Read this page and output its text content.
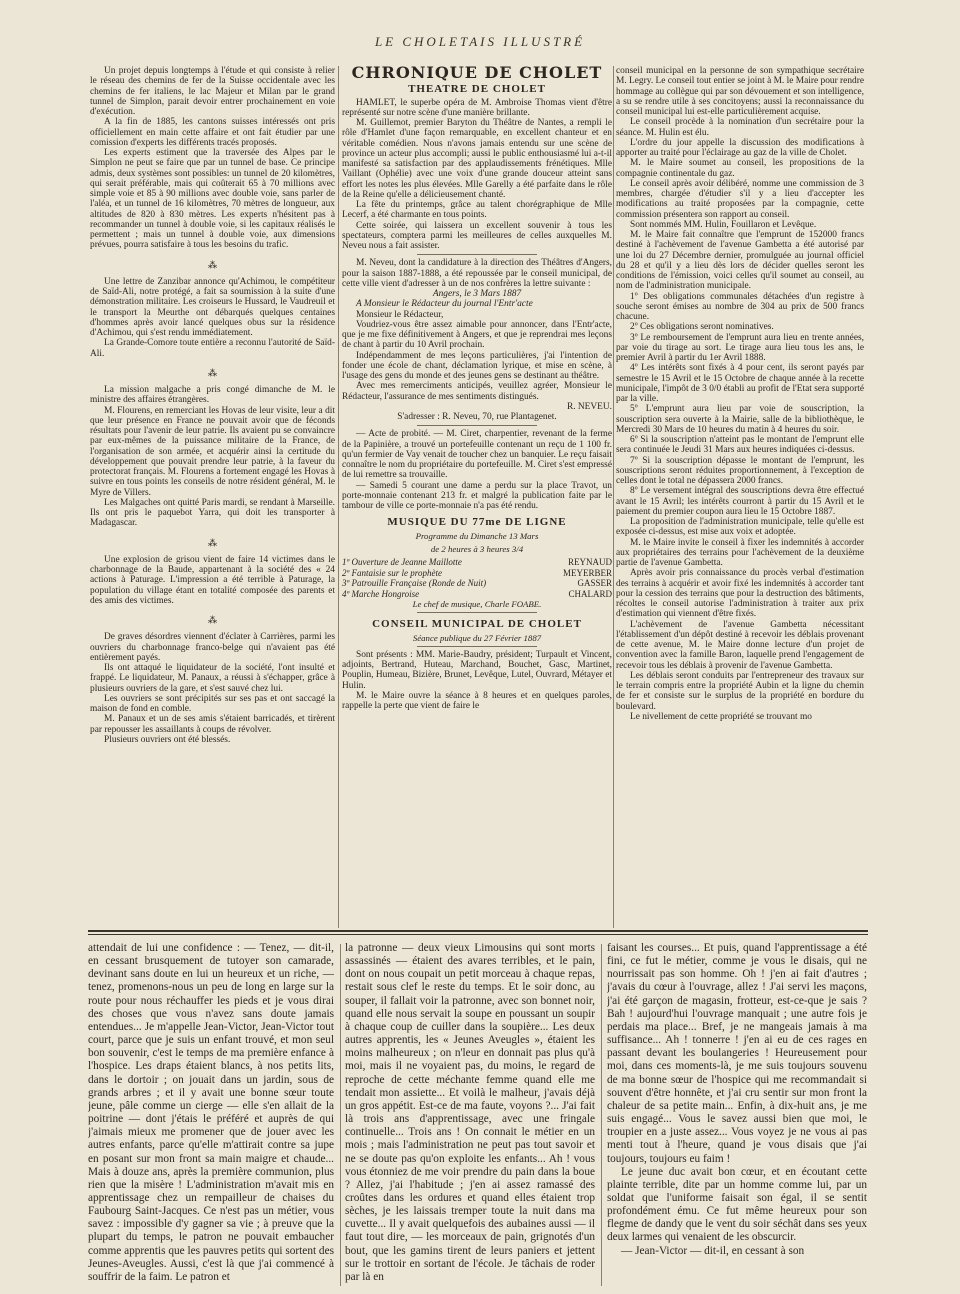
LE CHOLETAIS ILLUSTRÉ

Un projet depuis longtemps à l'étude et qui consiste à relier le réseau des chemins de fer de la Suisse occidentale avec les chemins de fer italiens, le lac Majeur et Milan par le grand tunnel de Simplon, parait devoir entrer prochainement en voie d'exécution.

A la fin de 1885, les cantons suisses intéressés ont pris officiellement en main cette affaire et ont fait étudier par une comission d'experts les différents tracés proposés.

Les experts estiment que la traversée des Alpes par le Simplon ne peut se faire que par un tunnel de base. Ce principe admis, deux systèmes sont possibles: un tunnel de 20 kilomètres, qui serait préférable, mais qui coûterait 65 à 70 millions avec simple voie et 85 à 90 millions avec double voie, sans parler de l'aléa, et un tunnel de 16 kilomètres, 70 mètres de longueur, aux altitudes de 820 à 830 mètres. Les experts n'hésitent pas à recommander un tunnel à double voie, si les capitaux réalisés le permettent ; mais un tunnel à double voie, aux dimensions prévues, pourra satisfaire à tous les besoins du trafic.

⁂

Une lettre de Zanzibar annonce qu'Achimou, le compétiteur de Saïd-Ali, notre protégé, a fait sa soumission à la suite d'une démonstration militaire. Les croiseurs le Hussard, le Vaudreuil et le transport la Meurthe ont débarqués quelques centaines d'hommes après avoir lancé quelques obus sur la résidence d'Achimou, qui s'est rendu immédiatement.

La Grande-Comore toute entière a reconnu l'autorité de Saïd-Ali.

⁂

La mission malgache a pris congé dimanche de M. le ministre des affaires étrangères.

M. Flourens, en remerciant les Hovas de leur visite, leur a dit que leur présence en France ne pouvait avoir que de féconds résultats pour l'avenir de leur patrie. Ils avaient pu se convaincre par eux-mêmes de la puissance militaire de la France, de l'organisation de son armée, et acquérir ainsi la certitude du développement que pouvait prendre leur patrie, à la faveur du protectorat français. M. Flourens a fortement engagé les Hovas à suivre en tous points les conseils de notre résident général, M. le Myre de Villers.

Les Malgaches ont quitté Paris mardi, se rendant à Marseille. Ils ont pris le paquebot Yarra, qui doit les transporter à Madagascar.

⁂

Une explosion de grisou vient de faire 14 victimes dans le charbonnage de la Baude, appartenant à la société des « 24 actions à Paturage. L'impression a été terrible à Paturage, la population du village étant en totalité composée des parents et des amis des victimes.

⁂

De graves désordres viennent d'éclater à Carrières, parmi les ouvriers du charbonnage franco-belge qui n'avaient pas été entièrement payés.

Ils ont attaqué le liquidateur de la société, l'ont insulté et frappé. Le liquidateur, M. Panaux, a réussi à s'échapper, grâce à plusieurs ouvriers de la gare, et s'est sauvé chez lui.

Les ouvriers se sont précipités sur ses pas et ont saccagé la maison de fond en comble.

M. Panaux et un de ses amis s'étaient barricadés, et tirèrent par repousser les assaillants à coups de révolver.

Plusieurs ouvriers ont été blessés.

CHRONIQUE DE CHOLET
THEATRE DE CHOLET

HAMLET, le superbe opéra de M. Ambroise Thomas vient d'être représenté sur notre scène d'une manière brillante.

M. Guillemot, premier Baryton du Théâtre de Nantes, a rempli le rôle d'Hamlet d'une façon remarquable, en excellent chanteur et en véritable comédien. Nous n'avons jamais entendu sur une scène de province un acteur plus accompli; aussi le public enthousiasmé lui a-t-il manifesté sa satisfaction par des applaudissements frénétiques. Mlle Vaillant (Ophélie) avec une voix d'une grande douceur atteint sans effort les notes les plus élevées. Mlle Garelly a été parfaite dans le rôle de la Reine qu'elle a délicieusement chanté.

La fête du printemps, grâce au talent chorégraphique de Mlle Lecerf, a été charmante en tous points.

Cette soirée, qui laissera un excellent souvenir à tous les spectateurs, comptera parmi les meilleures de celles auxquelles M. Neveu nous a fait assister.

M. Neveu, dont la candidature à la direction des Théâtres d'Angers, pour la saison 1887-1888, a été repoussée par le conseil municipal, de cette ville vient d'adresser à un de nos confrères la lettre suivante :

Angers, le 3 Mars 1887

A Monsieur le Rédacteur du journal l'Entr'acte

Monsieur le Rédacteur,

Voudriez-vous être assez aimable pour annoncer, dans l'Entr'acte, que je me fixe définitivement à Angers, et que je reprendrai mes leçons de chant à partir du 10 Avril prochain.

Indépendamment de mes leçons particulières, j'ai l'intention de fonder une école de chant, déclamation lyrique, et mise en scène, à l'usage des gens du monde et des jeunes gens se destinant au théâtre.

Avec mes remerciments anticipés, veuillez agréer, Monsieur le Rédacteur, l'assurance de mes sentiments distingués.

R. NEVEU.

S'adresser : R. Neveu, 70, rue Plantagenet.

— Acte de probité. — M. Ciret, charpentier, revenant de la ferme de la Papinière, a trouvé un portefeuille contenant un reçu de 1 100 fr. qu'un fermier de Vay venait de toucher chez un banquier. Le reçu faisait connaître le nom du propriétaire du portefeuille. M. Ciret s'est empressé de lui remettre sa trouvaille.

— Samedi 5 courant une dame a perdu sur la place Travot, un porte-monnaie contenant 213 fr. et malgré la publication faite par le tambour de ville ce porte-monnaie n'a pas été rendu.

MUSIQUE DU 77me DE LIGNE
Programme du Dimanche 13 Mars
de 2 heures à 3 heures 3/4
1º Ouverture de Jeanne Maillotte	REYNAUD
2º Fantaisie sur le prophète	MEYERBER
3º Patrouille Française (Ronde de Nuit)	GASSER
4º Marche Hongroise	CHALARD
Le chef de musique, Charle FOABE.
CONSEIL MUNICIPAL DE CHOLET
Séance publique du 27 Février 1887

Sont présents : MM. Marie-Baudry, président; Turpault et Vincent, adjoints, Bertrand, Huteau, Marchand, Bouchet, Gasc, Martinet, Pouplin, Humeau, Bizière, Brunet, Levêque, Lutel, Ouvrard, Métayer et Hulin.

M. le Maire ouvre la séance à 8 heures et en quelques paroles, rappelle la perte que vient de faire le

conseil municipal en la personne de son sympathique secrétaire M. Legry. Le conseil tout entier se joint à M. le Maire pour rendre hommage au collègue qui par son dévouement et son intelligence, a su se rendre utile à ses concitoyens; aussi la reconnaissance du conseil municipal lui est-elle particulièrement acquise.

Le conseil procède à la nomination d'un secrétaire pour la séance. M. Hulin est élu.

L'ordre du jour appelle la discussion des modifications à apporter au traité pour l'éclairage au gaz de la ville de Cholet.

M. le Maire soumet au conseil, les propositions de la compagnie continentale du gaz.

Le conseil après avoir délibéré, nomme une commission de 3 membres, chargée d'étudier s'il y a lieu d'accepter les modifications au traité proposées par la compagnie, cette commission présentera son rapport au conseil.

Sont nommés MM. Hulin, Fouillaron et Levêque.

M. le Maire fait connaître que l'emprunt de 152000 francs destiné à l'achèvement de l'avenue Gambetta a été autorisé par une loi du 27 Décembre dernier, promulguée au journal officiel du 28 et qu'il y a lieu dès lors de décider quelles seront les conditions de l'émission, voici celles qu'il soumet au conseil, au nom de l'administration municipale.

1º Des obligations communales détachées d'un registre à souche seront émises au nombre de 304 au prix de 500 francs chacune.

2º Ces obligations seront nominatives.

3º Le remboursement de l'emprunt aura lieu en trente années, par voie du tirage au sort. Le tirage aura lieu tous les ans, le premier Avril à partir du 1er Avril 1888.

4º Les intérêts sont fixés à 4 pour cent, ils seront payés par semestre le 15 Avril et le 15 Octobre de chaque année à la recette municipale, l'impôt de 3 0/0 établi au profit de l'Etat sera supporté par la ville.

5º L'emprunt aura lieu par voie de souscription, la souscription sera ouverte à la Mairie, salle de la bibliothèque, le Mercredi 30 Mars de 10 heures du matin à 4 heures du soir.

6º Si la souscription n'atteint pas le montant de l'emprunt elle sera continuée le Jeudi 31 Mars aux heures indiquées ci-dessus.

7º Si la souscription dépasse le montant de l'emprunt, les souscriptions seront réduites proportionnement, à l'exception de celles dont le total ne dépassera 2000 francs.

8º Le versement intégral des souscriptions devra être effectué avant le 15 Avril; les intérêts courront à partir du 15 Avril et le paiement du premier coupon aura lieu le 15 Octobre 1887.

La proposition de l'administration municipale, telle qu'elle est exposée ci-dessus, est mise aux voix et adoptée.

M. le Maire invite le conseil à fixer les indemnités à accorder aux propriétaires des terrains pour l'achèvement de la deuxième partie de l'avenue Gambetta.

Après avoir pris connaissance du procès verbal d'estimation des terrains à acquérir et avoir fixé les indemnités à accorder tant pour la cession des terrains que pour la destruction des bâtiments, récoltes le conseil autorise l'administration à traiter aux prix d'estimation qui viennent d'être fixés.

L'achèvement de l'avenue Gambetta nécessitant l'établissement d'un dépôt destiné à recevoir les déblais provenant de cette avenue, M. le Maire donne lecture d'un projet de convention avec la famille Baron, laquelle prend l'engagement de recevoir tous les déblais à provenir de l'avenue Gambetta.

Les déblais seront conduits par l'entrepreneur des travaux sur le terrain compris entre la propriété Aubin et la ligne du chemin de fer et consiste sur le surplus de la propriété en bordure du boulevard.

Le nivellement de cette propriété se trouvant mo

attendait de lui une confidence : — Tenez, — dit-il, en cessant brusquement de tutoyer son camarade, devinant sans doute en lui un heureux et un riche, — tenez, promenons-nous un peu de long en large sur la route pour nous réchauffer les pieds et je vous dirai des choses que vous n'avez sans doute jamais entendues... Je m'appelle Jean-Victor, Jean-Victor tout court, parce que je suis un enfant trouvé, et mon seul bon souvenir, c'est le temps de ma première enfance à l'hospice. Les draps étaient blancs, à nos petits lits, dans le dortoir ; on jouait dans un jardin, sous de grands arbres ; et il y avait une bonne sœur toute jeune, pâle comme un cierge — elle s'en allait de la poitrine — dont j'étais le préféré et auprès de qui j'aimais mieux me promener que de jouer avec les autres enfants, parce qu'elle m'attirait contre sa jupe en posant sur mon front sa main maigre et chaude... Mais à douze ans, après la première communion, plus rien que la misère ! L'administration m'avait mis en apprentissage chez un rempailleur de chaises du Faubourg Saint-Jacques. Ce n'est pas un métier, vous savez : impossible d'y gagner sa vie ; à preuve que la plupart du temps, le patron ne pouvait embaucher comme apprentis que les pauvres petits qui sortent des Jeunes-Aveugles. Aussi, c'est là que j'ai commencé à souffrir de la faim. Le patron et

la patronne — deux vieux Limousins qui sont morts assassinés — étaient des avares terribles, et le pain, dont on nous coupait un petit morceau à chaque repas, restait sous clef le reste du temps. Et le soir donc, au souper, il fallait voir la patronne, avec son bonnet noir, quand elle nous servait la soupe en poussant un soupir à chaque coup de cuiller dans la soupière... Les deux autres apprentis, les « Jeunes Aveugles », étaient les moins malheureux ; on n'leur en donnait pas plus qu'à moi, mais il ne voyaient pas, du moins, le regard de reproche de cette méchante femme quand elle me tendait mon assiette... Et voilà le malheur, j'avais déjà un gros appétit. Est-ce de ma faute, voyons ?... J'ai fait là trois ans d'apprentissage, avec une fringale continuelle... Trois ans ! On connait le métier en un mois ; mais l'administration ne peut pas tout savoir et ne se doute pas qu'on exploite les enfants... Ah ! vous vous étonniez de me voir prendre du pain dans la boue ? Allez, j'ai l'habitude ; j'en ai assez ramassé des croûtes dans les ordures et quand elles étaient trop sèches, je les laissais tremper toute la nuit dans ma cuvette... Il y avait quelquefois des aubaines aussi — il faut tout dire, — les morceaux de pain, grignotés d'un bout, que les gamins tirent de leurs paniers et jettent sur le trottoir en sortant de l'école. Je tâchais de roder par là en

faisant les courses... Et puis, quand l'apprentissage a été fini, ce fut le métier, comme je vous le disais, qui ne nourrissait pas son homme. Oh ! j'en ai fait d'autres ; j'avais du cœur à l'ouvrage, allez ! J'ai servi les maçons, j'ai été garçon de magasin, frotteur, est-ce-que je sais ? Bah ! aujourd'hui l'ouvrage manquait ; une autre fois je perdais ma place... Bref, je ne mangeais jamais à ma suffisance... Ah ! tonnerre ! j'en ai eu de ces rages en passant devant les boulangeries ! Heureusement pour moi, dans ces moments-là, je me suis toujours souvenu de ma bonne sœur de l'hospice qui me recommandait si souvent d'être honnête, et j'ai cru sentir sur mon front la chaleur de sa petite main... Enfin, à dix-huit ans, je me suis engagé... Vous le savez aussi bien que moi, le troupier en a juste assez... Vous voyez je ne vous ai pas menti tout à l'heure, quand je vous disais que j'ai toujours, toujours eu faim !

Le jeune duc avait bon cœur, et en écoutant cette plainte terrible, dite par un homme comme lui, par un soldat que l'uniforme faisait son égal, il se sentit profondément ému. Ce fut même heureux pour son flegme de dandy que le vent du soir séchât dans ses yeux deux larmes qui venaient de les obscurcir.

— Jean-Victor — dit-il, en cessant à son
